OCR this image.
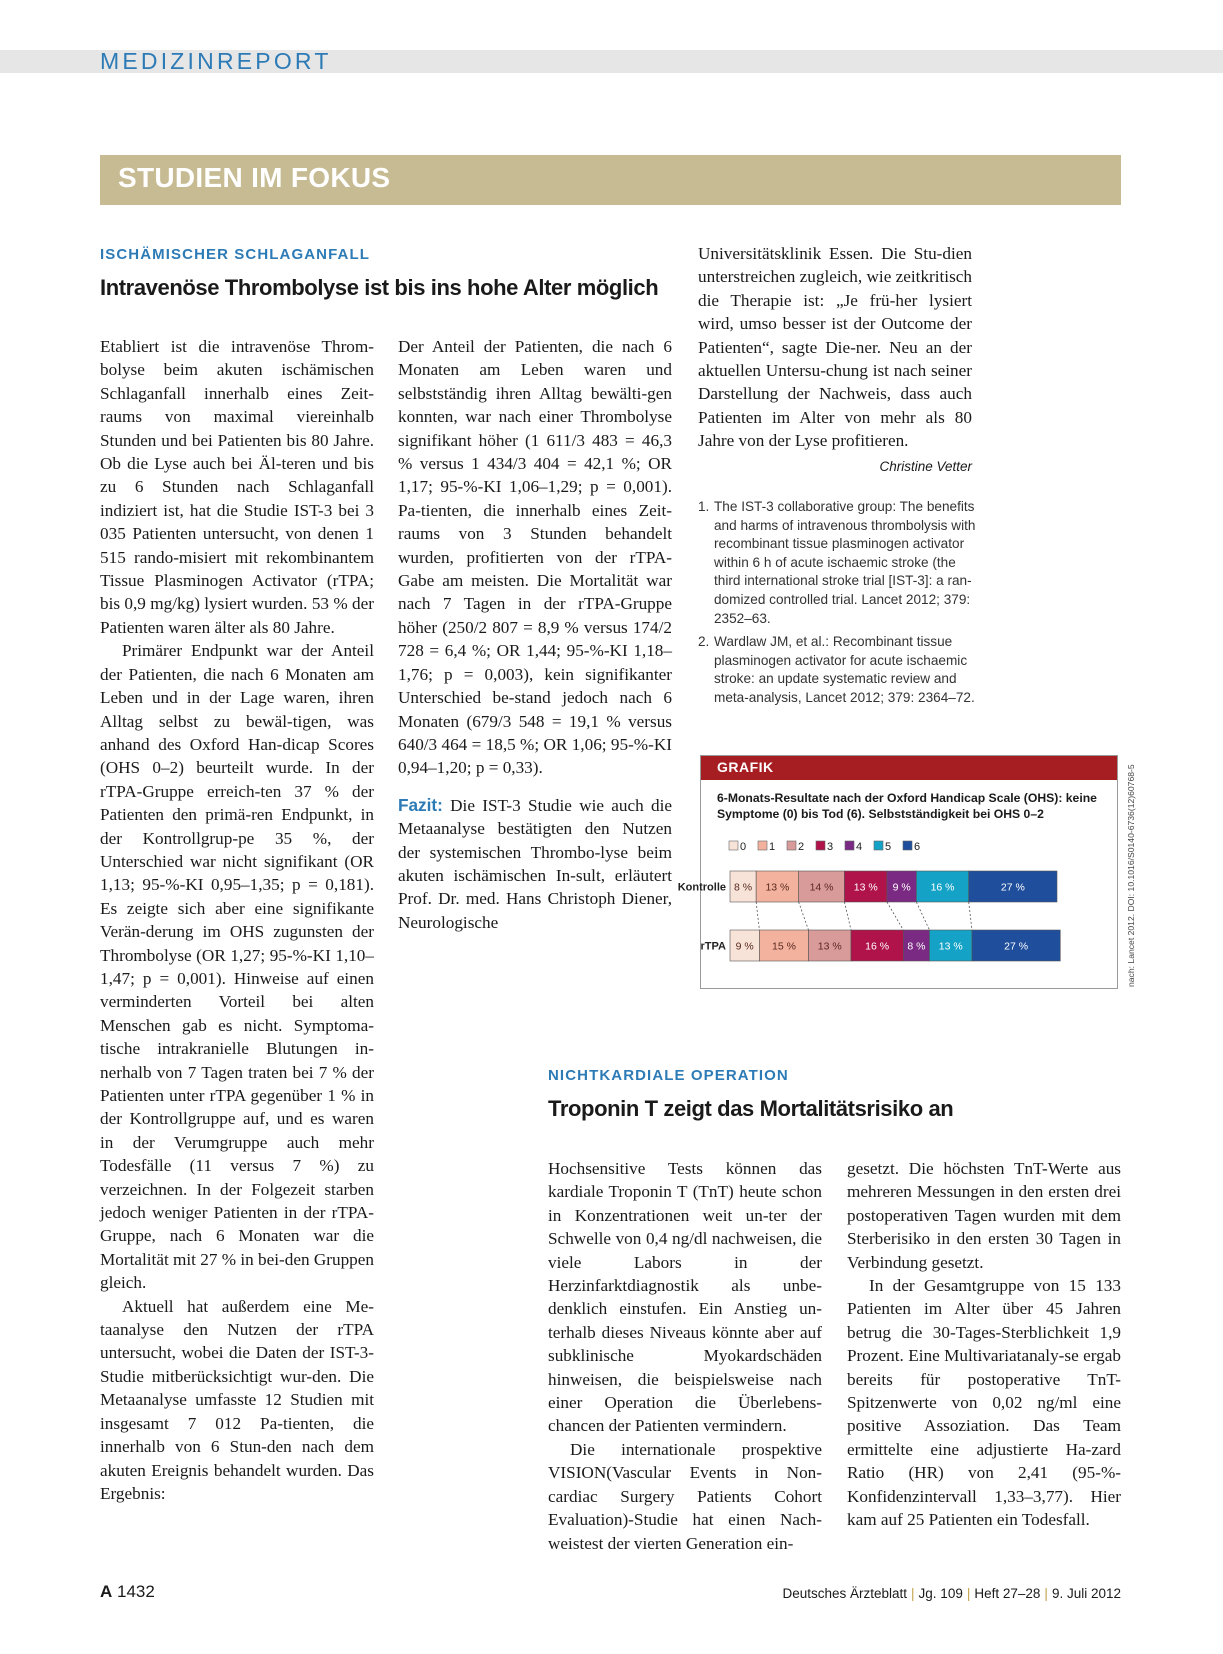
MEDIZINREPORT
STUDIEN IM FOKUS
ISCHÄMISCHER SCHLAGANFALL
Intravenöse Thrombolyse ist bis ins hohe Alter möglich

Etabliert ist die intravenöse Throm-bolyse beim akuten ischämischen Schlaganfall innerhalb eines Zeit-raums von maximal viereinhalb Stunden und bei Patienten bis 80 Jahre. Ob die Lyse auch bei Äl-teren und bis zu 6 Stunden nach Schlaganfall indiziert ist, hat die Studie IST-3 bei 3 035 Patienten untersucht, von denen 1 515 rando-misiert mit rekombinantem Tissue Plasminogen Activator (rTPA; bis 0,9 mg/kg) lysiert wurden. 53 % der Patienten waren älter als 80 Jahre.

Primärer Endpunkt war der Anteil der Patienten, die nach 6 Monaten am Leben und in der Lage waren, ihren Alltag selbst zu bewäl-tigen, was anhand des Oxford Han-dicap Scores (OHS 0–2) beurteilt wurde. In der rTPA-Gruppe erreich-ten 37 % der Patienten den primä-ren Endpunkt, in der Kontrollgrup-pe 35 %, der Unterschied war nicht signifikant (OR 1,13; 95-%-KI 0,95–1,35; p = 0,181). Es zeigte sich aber eine signifikante Verän-derung im OHS zugunsten der Thrombolyse (OR 1,27; 95-%-KI 1,10–1,47; p = 0,001). Hinweise auf einen verminderten Vorteil bei alten Menschen gab es nicht. Symptoma-tische intrakranielle Blutungen in-nerhalb von 7 Tagen traten bei 7 % der Patienten unter rTPA gegenüber 1 % in der Kontrollgruppe auf, und es waren in der Verumgruppe auch mehr Todesfälle (11 versus 7 %) zu verzeichnen. In der Folgezeit starben jedoch weniger Patienten in der rTPA-Gruppe, nach 6 Monaten war die Mortalität mit 27 % in bei-den Gruppen gleich.

Aktuell hat außerdem eine Me-taanalyse den Nutzen der rTPA untersucht, wobei die Daten der IST-3-Studie mitberücksichtigt wur-den. Die Metaanalyse umfasste 12 Studien mit insgesamt 7 012 Pa-tienten, die innerhalb von 6 Stun-den nach dem akuten Ereignis behandelt wurden. Das Ergebnis:

Der Anteil der Patienten, die nach 6 Monaten am Leben waren und selbstständig ihren Alltag bewälti-gen konnten, war nach einer Thrombolyse signifikant höher (1 611/3 483 = 46,3 % versus 1 434/3 404 = 42,1 %; OR 1,17; 95-%-KI 1,06–1,29; p = 0,001). Pa-tienten, die innerhalb eines Zeit-raums von 3 Stunden behandelt wurden, profitierten von der rTPA-Gabe am meisten. Die Mortalität war nach 7 Tagen in der rTPA-Gruppe höher (250/2 807 = 8,9 % versus 174/2 728 = 6,4 %; OR 1,44; 95-%-KI 1,18–1,76; p = 0,003), kein signifikanter Unterschied be-stand jedoch nach 6 Monaten (679/3 548 = 19,1 % versus 640/3 464 = 18,5 %; OR 1,06; 95-%-KI 0,94–1,20; p = 0,33).

Fazit: Die IST-3 Studie wie auch die Metaanalyse bestätigten den Nutzen der systemischen Thrombo-lyse beim akuten ischämischen In-sult, erläutert Prof. Dr. med. Hans Christoph Diener, Neurologische

Universitätsklinik Essen. Die Stu-dien unterstreichen zugleich, wie zeitkritisch die Therapie ist: „Je frü-her lysiert wird, umso besser ist der Outcome der Patienten“, sagte Die-ner. Neu an der aktuellen Untersu-chung ist nach seiner Darstellung der Nachweis, dass auch Patienten im Alter von mehr als 80 Jahre von der Lyse profitieren.
Christine Vetter

1. The IST-3 collaborative group: The benefits and harms of intravenous thrombolysis with recombinant tissue plasminogen activator within 6 h of acute ischaemic stroke (the third international stroke trial [IST-3]: a ran-domized controlled trial. Lancet 2012; 379: 2352–63.
2. Wardlaw JM, et al.: Recombinant tissue plasminogen activator for acute ischaemic stroke: an update systematic review and meta-analysis, Lancet 2012; 379: 2364–72.
GRAFIK
6-Monats-Resultate nach der Oxford Handicap Scale (OHS): keine Symptome (0) bis Tod (6). Selbstständigkeit bei OHS 0–2
0 1 2 3 4 5 6
Kontrolle 8 % 13 % 14 % 13 % 9 % 16 %	27 %
rTPA 9 % 15 % 13 % 16 % 8 % 13 %	27 %	nach: Lancet 2012. DOI: 10.1016/S0140-6736(12)60768-5
NICHTKARDIALE OPERATION
Troponin T zeigt das Mortalitätsrisiko an

Hochsensitive Tests können das kardiale Troponin T (TnT) heute schon in Konzentrationen weit un-ter der Schwelle von 0,4 ng/dl nachweisen, die viele Labors in der Herzinfarktdiagnostik als unbe-denklich einstufen. Ein Anstieg un-terhalb dieses Niveaus könnte aber auf subklinische Myokardschäden hinweisen, die beispielsweise nach einer Operation die Überlebens-chancen der Patienten vermindern.

Die internationale prospektive VISION(Vascular Events in Non-cardiac Surgery Patients Cohort Evaluation)-Studie hat einen Nach-weistest der vierten Generation ein-

gesetzt. Die höchsten TnT-Werte aus mehreren Messungen in den ersten drei postoperativen Tagen wurden mit dem Sterberisiko in den ersten 30 Tagen in Verbindung gesetzt.

In der Gesamtgruppe von 15 133 Patienten im Alter über 45 Jahren betrug die 30-Tages-Sterblichkeit 1,9 Prozent. Eine Multivariatanaly-se ergab bereits für postoperative TnT-Spitzenwerte von 0,02 ng/ml eine positive Assoziation. Das Team ermittelte eine adjustierte Ha-zard Ratio (HR) von 2,41 (95-%-Konfidenzintervall 1,33–3,77). Hier kam auf 25 Patienten ein Todesfall.

A 1432	Deutsches Ärzteblatt | Jg. 109 | Heft 27–28 | 9. Juli 2012
